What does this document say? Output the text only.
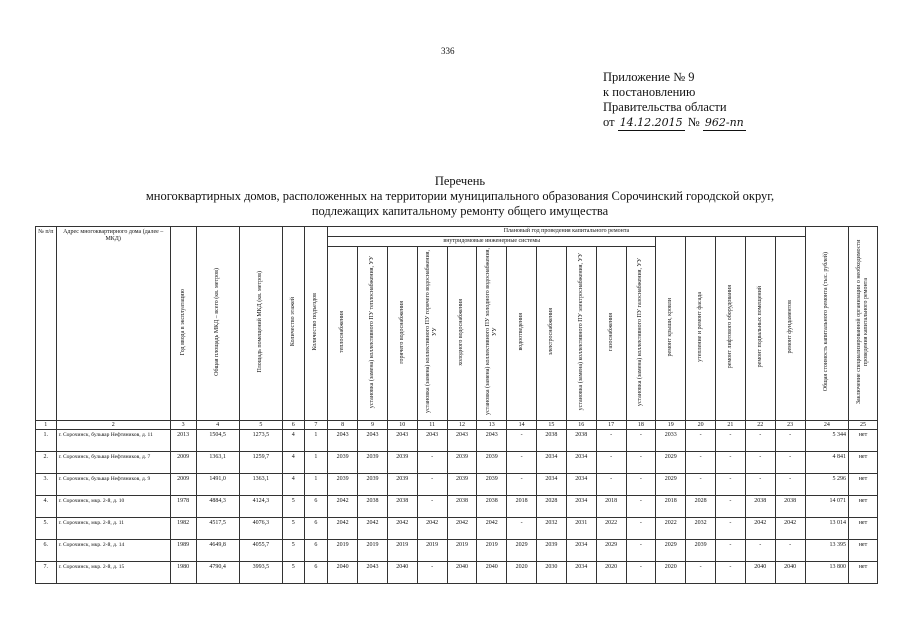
336
Приложение № 9
к постановлению
Правительства области
от 14.12.2015 № 962-пп
Перечень
многоквартирных домов, расположенных на территории муниципального образования Сорочинский городской округ,
подлежащих капитальному ремонту общего имущества
№ п/п	Адрес многоквартирного дома (далее – МКД)	Год ввода в эксплуатацию	Общая площадь МКД – всего (кв. метров)	Площадь помещений МКД (кв. метров)	Количество этажей	Количество подъездов	Плановый год проведения капитального ремонта																Общая стоимость капитального ремонта (тыс. рублей)	Заключение специализированной организации о необходимости проведения капитального ремонта
							внутридомовые инженерные системы											ремонт крыши, кровли	утепление и ремонт фасада	ремонт лифтового оборудования	ремонт подвальных помещений	ремонт фундаментов		
							теплоснабжения	установка (замена) коллективного ПУ теплоснабжения, УУ	горячего водоснабжения	установка (замена) коллективного ПУ горячего водоснабжения, УУ	холодного водоснабжения	установка (замена) коллективного ПУ холодного водоснабжения, УУ	водоотведения	электроснабжения	установка (замена) коллективного ПУ электроснабжения, УУ	газоснабжения	установка (замена) коллективного ПУ газоснабжения, УУ							
1	2	3	4	5	6	7	8	9	10	11	12	13	14	15	16	17	18	19	20	21	22	23	24	25
1.	г. Сорочинск, бульвар Нефтяников, д. 11	2013	1504,5	1273,5	4	1	2043	2043	2043	2043	2043	2043	-	2038	2038	-	-	2033	-	-	-	-	5 344	нет
2.	г. Сорочинск, бульвар Нефтяников, д. 7	2009	1363,1	1259,7	4	1	2039	2039	2039	-	2039	2039	-	2034	2034	-	-	2029	-	-	-	-	4 841	нет
3.	г. Сорочинск, бульвар Нефтяников, д. 9	2009	1491,0	1363,1	4	1	2039	2039	2039	-	2039	2039	-	2034	2034	-	-	2029	-	-	-	-	5 296	нет
4.	г. Сорочинск, мкр. 2-й, д. 10	1978	4884,3	4124,3	5	6	2042	2038	2038	-	2038	2038	2018	2028	2034	2018	-	2018	2028	-	2038	2038	14 071	нет
5.	г. Сорочинск, мкр. 2-й, д. 11	1982	4517,5	4076,3	5	6	2042	2042	2042	2042	2042	2042	-	2032	2031	2022	-	2022	2032	-	2042	2042	13 014	нет
6.	г. Сорочинск, мкр. 2-й, д. 14	1989	4649,8	4055,7	5	6	2019	2019	2019	2019	2019	2019	2029	2039	2034	2029	-	2029	2039	-	-	-	13 395	нет
7.	г. Сорочинск, мкр. 2-й, д. 15	1980	4790,4	3993,5	5	6	2040	2043	2040	-	2040	2040	2020	2030	2034	2020	-	2020	-	-	2040	2040	13 800	нет
